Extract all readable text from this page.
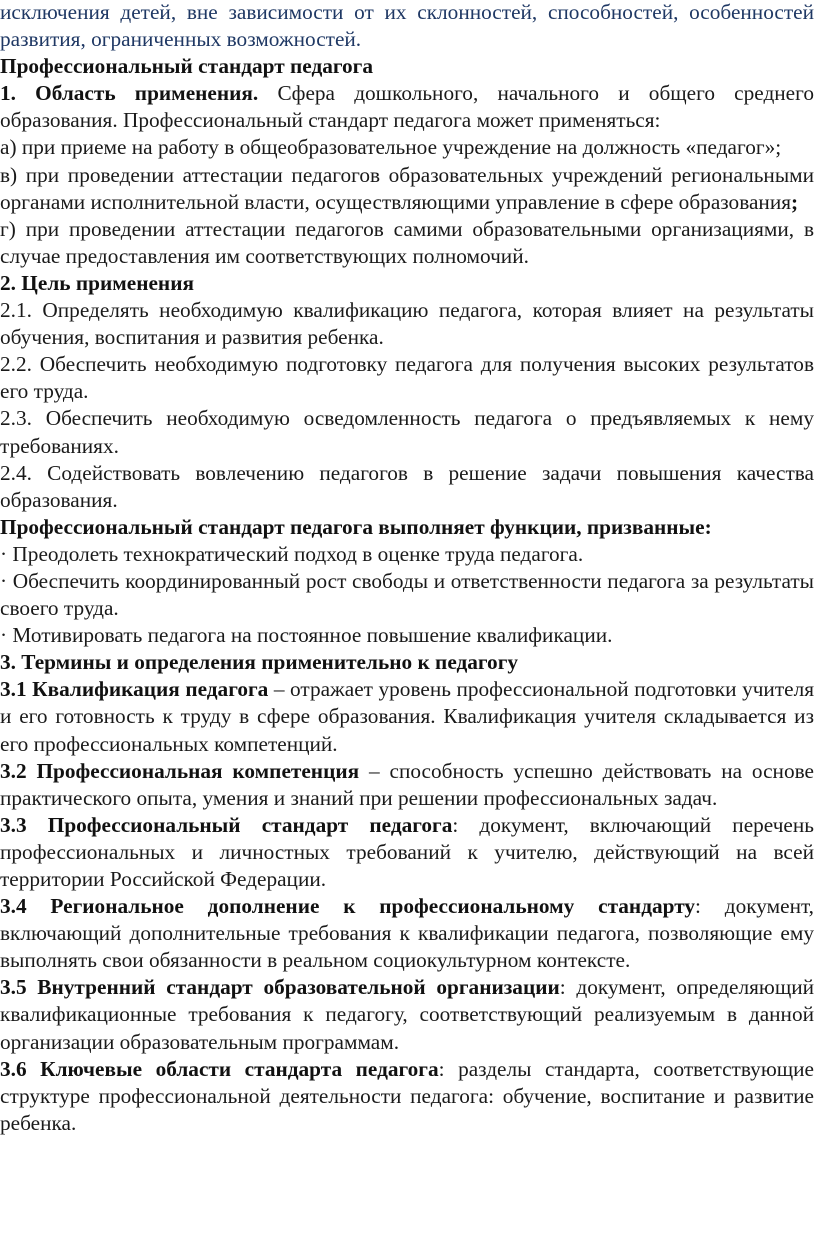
исключения детей, вне зависимости от их склонностей, способностей, особенностей развития, ограниченных возможностей.

Профессиональный стандарт педагога

1. Область применения. Сфера дошкольного, начального и общего среднего образования. Профессиональный стандарт педагога может применяться:

а) при приеме на работу в общеобразовательное учреждение на должность «педагог»;

в) при проведении аттестации педагогов образовательных учреждений региональными органами исполнительной власти, осуществляющими управление в сфере образования;

г) при проведении аттестации педагогов самими образовательными организациями, в случае предоставления им соответствующих полномочий.

2. Цель применения

2.1. Определять необходимую квалификацию педагога, которая влияет на результаты обучения, воспитания и развития ребенка.

2.2. Обеспечить необходимую подготовку педагога для получения высоких результатов его труда.

2.3. Обеспечить необходимую осведомленность педагога о предъявляемых к нему требованиях.

2.4. Содействовать вовлечению педагогов в решение задачи повышения качества образования.

Профессиональный стандарт педагога выполняет функции, призванные:

· Преодолеть технократический подход в оценке труда педагога.

· Обеспечить координированный рост свободы и ответственности педагога за результаты своего труда.

· Мотивировать педагога на постоянное повышение квалификации.

3. Термины и определения применительно к педагогу

3.1 Квалификация педагога – отражает уровень профессиональной подготовки учителя и его готовность к труду в сфере образования. Квалификация учителя складывается из его профессиональных компетенций.

3.2 Профессиональная компетенция – способность успешно действовать на основе практического опыта, умения и знаний при решении профессиональных задач.

3.3 Профессиональный стандарт педагога: документ, включающий перечень профессиональных и личностных требований к учителю, действующий на всей территории Российской Федерации.

3.4 Региональное дополнение к профессиональному стандарту: документ, включающий дополнительные требования к квалификации педагога, позволяющие ему выполнять свои обязанности в реальном социокультурном контексте.

3.5 Внутренний стандарт образовательной организации: документ, определяющий квалификационные требования к педагогу, соответствующий реализуемым в данной организации образовательным программам.

3.6 Ключевые области стандарта педагога: разделы стандарта, соответствующие структуре профессиональной деятельности педагога: обучение, воспитание и развитие ребенка.
